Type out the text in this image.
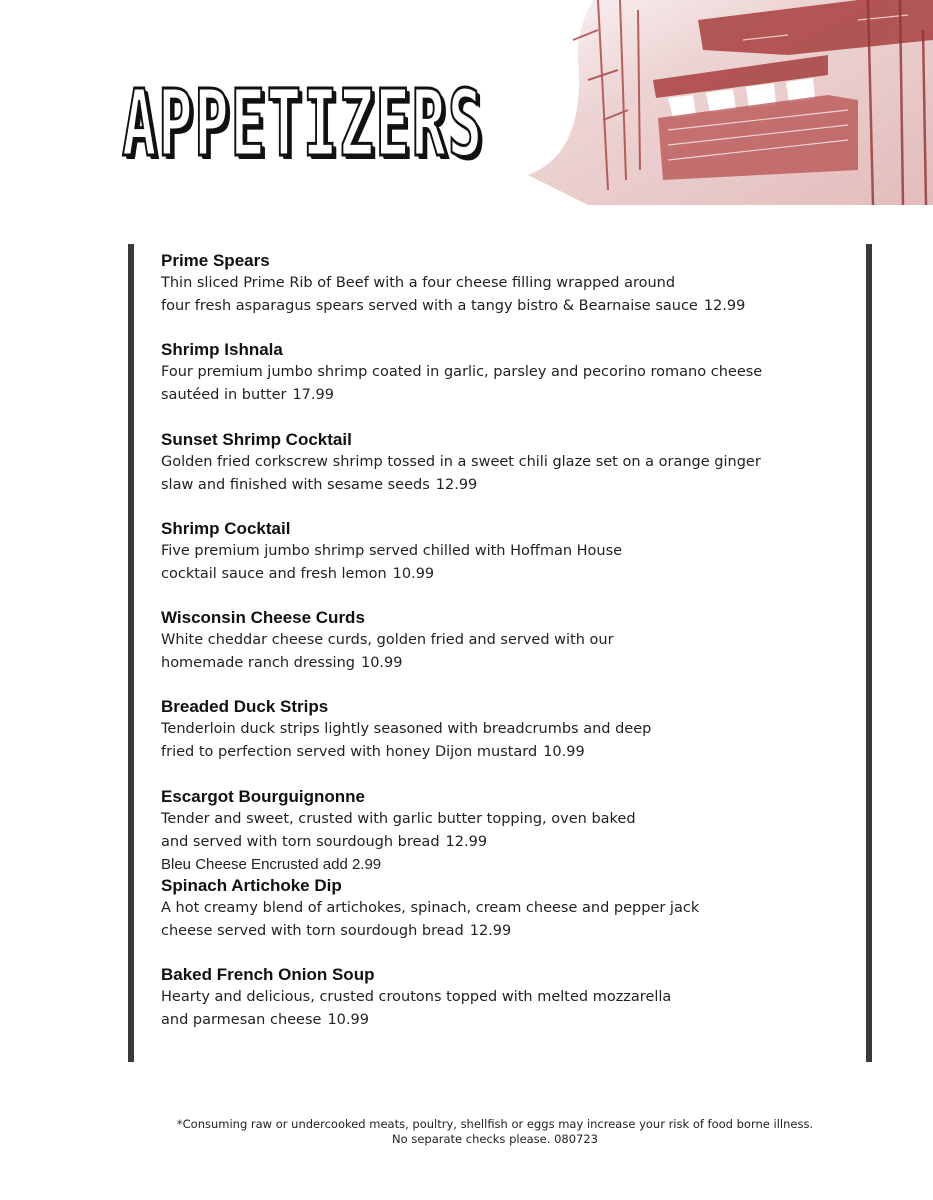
APPETIZERS
Prime Spears
Thin sliced Prime Rib of Beef with a four cheese filling wrapped around
four fresh asparagus spears served with a tangy bistro & Bearnaise sauce 12.99
Shrimp Ishnala
Four premium jumbo shrimp coated in garlic, parsley and pecorino romano cheese
sautéed in butter 17.99
Sunset Shrimp Cocktail
Golden fried corkscrew shrimp tossed in a sweet chili glaze set on a orange ginger
slaw and finished with sesame seeds 12.99
Shrimp Cocktail
Five premium jumbo shrimp served chilled with Hoffman House
cocktail sauce and fresh lemon 10.99
Wisconsin Cheese Curds
White cheddar cheese curds, golden fried and served with our
homemade ranch dressing 10.99
Breaded Duck Strips
Tenderloin duck strips lightly seasoned with breadcrumbs and deep
fried to perfection served with honey Dijon mustard 10.99
Escargot Bourguignonne
Tender and sweet, crusted with garlic butter topping, oven baked
and served with torn sourdough bread 12.99
Bleu Cheese Encrusted add 2.99
Spinach Artichoke Dip
A hot creamy blend of artichokes, spinach, cream cheese and pepper jack
cheese served with torn sourdough bread 12.99
Baked French Onion Soup
Hearty and delicious, crusted croutons topped with melted mozzarella
and parmesan cheese 10.99
*Consuming raw or undercooked meats, poultry, shellfish or eggs may increase your risk of food borne illness.
No separate checks please. 080723
